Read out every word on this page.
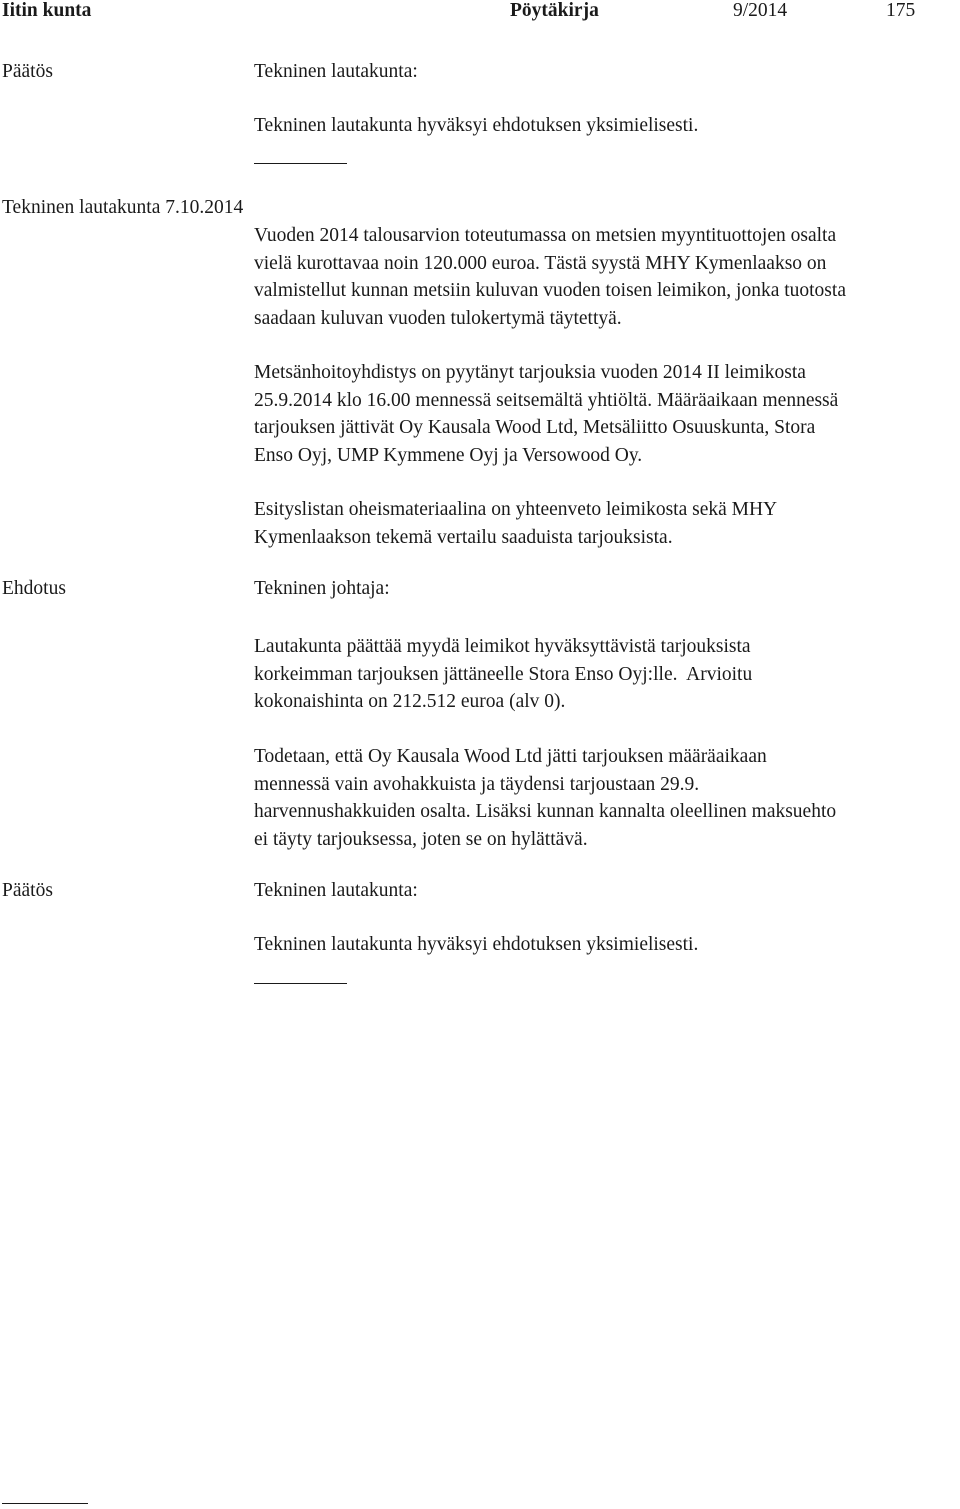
Iitin kunta	Pöytäkirja	9/2014	175
Päätös	Tekninen lautakunta:
Tekninen lautakunta hyväksyi ehdotuksen yksimielisesti.
Tekninen lautakunta 7.10.2014
Vuoden 2014 talousarvion toteutumassa on metsien myyntituottojen osalta
vielä kurottavaa noin 120.000 euroa. Tästä syystä MHY Kymenlaakso on
valmistellut kunnan metsiin kuluvan vuoden toisen leimikon, jonka tuotosta
saadaan kuluvan vuoden tulokertymä täytettyä.
Metsänhoitoyhdistys on pyytänyt tarjouksia vuoden 2014 II leimikosta
25.9.2014 klo 16.00 mennessä seitsemältä yhtiöltä. Määräaikaan mennessä
tarjouksen jättivät Oy Kausala Wood Ltd, Metsäliitto Osuuskunta, Stora
Enso Oyj, UMP Kymmene Oyj ja Versowood Oy.
Esityslistan oheismateriaalina on yhteenveto leimikosta sekä MHY
Kymenlaakson tekemä vertailu saaduista tarjouksista.
Ehdotus	Tekninen johtaja:
Lautakunta päättää myydä leimikot hyväksyttävistä tarjouksista
korkeimman tarjouksen jättäneelle Stora Enso Oyj:lle.  Arvioitu
kokonaishinta on 212.512 euroa (alv 0).
Todetaan, että Oy Kausala Wood Ltd jätti tarjouksen määräaikaan
mennessä vain avohakkuista ja täydensi tarjoustaan 29.9.
harvennushakkuiden osalta. Lisäksi kunnan kannalta oleellinen maksuehto
ei täyty tarjouksessa, joten se on hylättävä.
Päätös	Tekninen lautakunta:
Tekninen lautakunta hyväksyi ehdotuksen yksimielisesti.
